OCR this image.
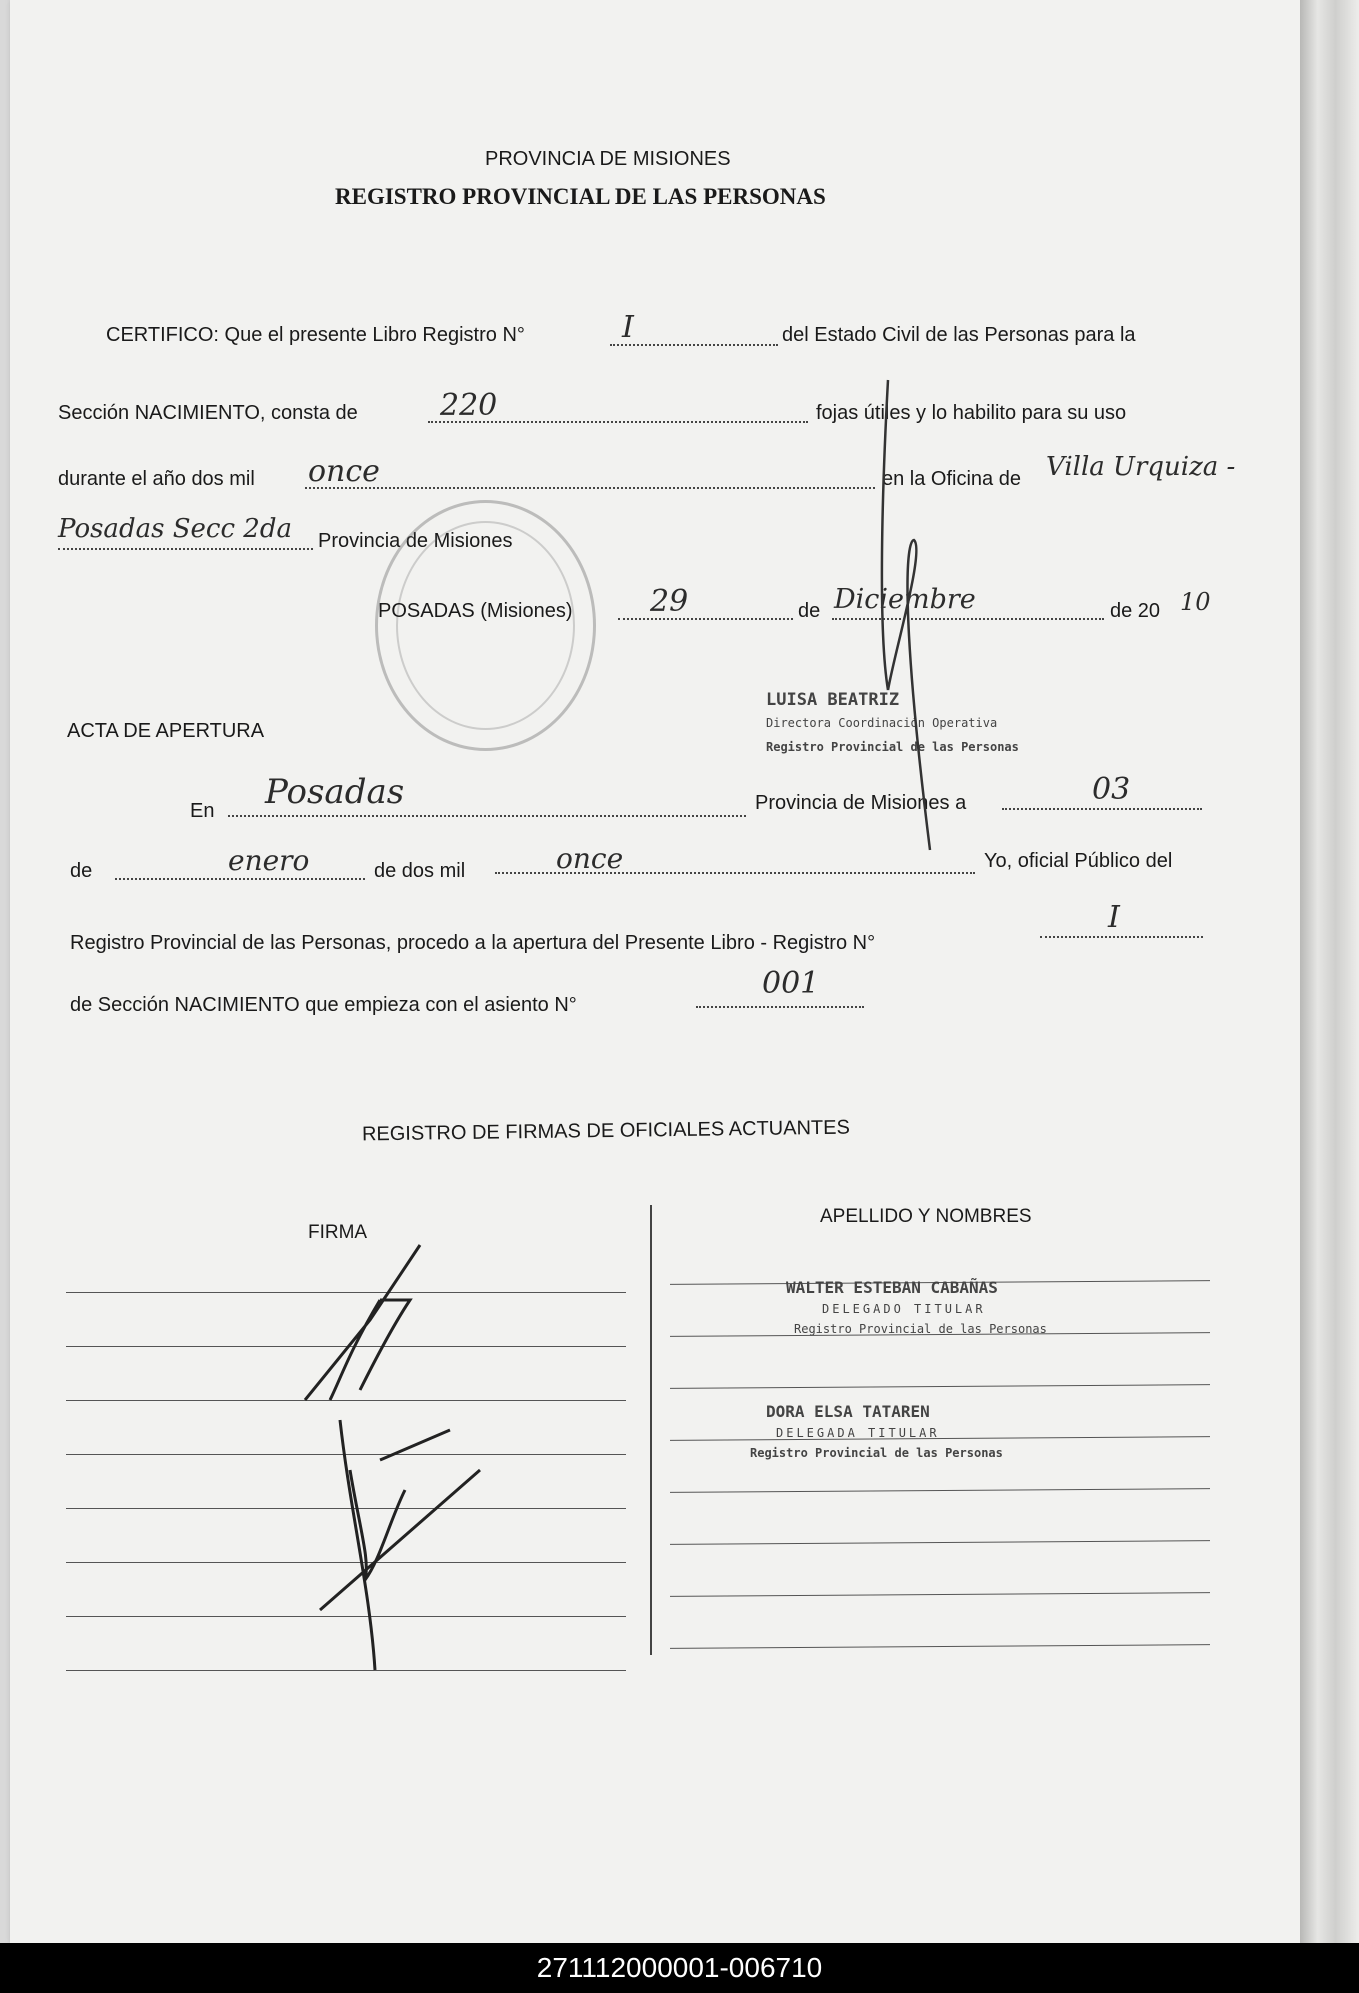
PROVINCIA DE MISIONES
REGISTRO PROVINCIAL DE LAS PERSONAS
CERTIFICO: Que el presente Libro Registro N°	I	del Estado Civil de las Personas para la
Sección NACIMIENTO, consta de	220	fojas útiles y lo habilito para su uso
durante el año dos mil once	en la Oficina de Villa Urquiza -
Posadas Secc 2da Provincia de Misiones
POSADAS (Misiones)	29	de Diciembre	de 20 10
LUISA BEATRIZ
Directora Coordinación Operativa
Registro Provincial de las Personas
ACTA DE APERTURA
En Posadas	Provincia de Misiones a	03
de	enero	de dos mil	once	Yo, oficial Público del
Registro Provincial de las Personas, procedo a la apertura del Presente Libro - Registro N°
I
de Sección NACIMIENTO que empieza con el asiento N°
001
REGISTRO DE FIRMAS DE OFICIALES ACTUANTES
FIRMA
APELLIDO Y NOMBRES
WALTER ESTEBAN CABAÑAS
DELEGADO TITULAR
Registro Provincial de las Personas
DORA ELSA TATAREN
DELEGADA TITULAR
Registro Provincial de las Personas
271112000001-006710
